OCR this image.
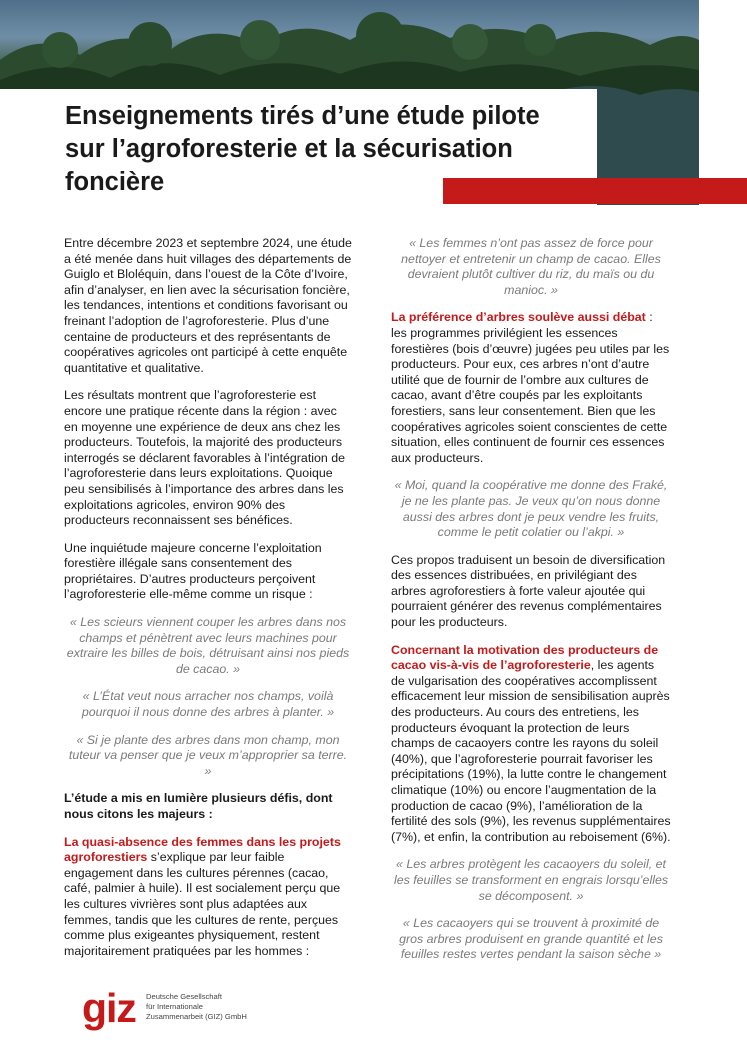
Enseignements tirés d’une étude pilote sur l’agroforesterie et la sécurisation foncière

Entre décembre 2023 et septembre 2024, une étude a été menée dans huit villages des départements de Guiglo et Bloléquin, dans l’ouest de la Côte d’Ivoire, afin d’analyser, en lien avec la sécurisation foncière, les tendances, intentions et conditions favorisant ou freinant l’adoption de l’agroforesterie. Plus d’une centaine de producteurs et des représentants de coopératives agricoles ont participé à cette enquête quantitative et qualitative.

Les résultats montrent que l’agroforesterie est encore une pratique récente dans la région : avec en moyenne une expérience de deux ans chez les producteurs. Toutefois, la majorité des producteurs interrogés se déclarent favorables à l’intégration de l’agroforesterie dans leurs exploitations. Quoique peu sensibilisés à l’importance des arbres dans les exploitations agricoles, environ 90% des producteurs reconnaissent ses bénéfices.

Une inquiétude majeure concerne l’exploitation forestière illégale sans consentement des propriétaires. D’autres producteurs perçoivent l’agroforesterie elle-même comme un risque :

« Les scieurs viennent couper les arbres dans nos champs et pénètrent avec leurs machines pour extraire les billes de bois, détruisant ainsi nos pieds de cacao. »

« L’État veut nous arracher nos champs, voilà pourquoi il nous donne des arbres à planter. »

« Si je plante des arbres dans mon champ, mon tuteur va penser que je veux m’approprier sa terre. »

L’étude a mis en lumière plusieurs défis, dont nous citons les majeurs :

La quasi-absence des femmes dans les projets agroforestiers s’explique par leur faible engagement dans les cultures pérennes (cacao, café, palmier à huile). Il est socialement perçu que les cultures vivrières sont plus adaptées aux femmes, tandis que les cultures de rente, perçues comme plus exigeantes physiquement, restent majoritairement pratiquées par les hommes :

« Les femmes n’ont pas assez de force pour nettoyer et entretenir un champ de cacao. Elles devraient plutôt cultiver du riz, du maïs ou du manioc. »

La préférence d’arbres soulève aussi débat : les programmes privilégient les essences forestières (bois d’œuvre) jugées peu utiles par les producteurs. Pour eux, ces arbres n’ont d’autre utilité que de fournir de l’ombre aux cultures de cacao, avant d’être coupés par les exploitants forestiers, sans leur consentement. Bien que les coopératives agricoles soient conscientes de cette situation, elles continuent de fournir ces essences aux producteurs.

« Moi, quand la coopérative me donne des Fraké, je ne les plante pas. Je veux qu’on nous donne aussi des arbres dont je peux vendre les fruits, comme le petit colatier ou l’akpi. »

Ces propos traduisent un besoin de diversification des essences distribuées, en privilégiant des arbres agroforestiers à forte valeur ajoutée qui pourraient générer des revenus complémentaires pour les producteurs.

Concernant la motivation des producteurs de cacao vis-à-vis de l’agroforesterie, les agents de vulgarisation des coopératives accomplissent efficacement leur mission de sensibilisation auprès des producteurs. Au cours des entretiens, les producteurs évoquant la protection de leurs champs de cacaoyers contre les rayons du soleil (40%), que l’agroforesterie pourrait favoriser les précipitations (19%), la lutte contre le changement climatique (10%) ou encore l’augmentation de la production de cacao (9%), l’amélioration de la fertilité des sols (9%), les revenus supplémentaires (7%), et enfin, la contribution au reboisement (6%).

« Les arbres protègent les cacaoyers du soleil, et les feuilles se transforment en engrais lorsqu’elles se décomposent. »

« Les cacaoyers qui se trouvent à proximité de gros arbres produisent en grande quantité et les feuilles restes vertes pendant la saison sèche »

giz Deutsche Gesellschaft
für Internationale
Zusammenarbeit (GIZ) GmbH
